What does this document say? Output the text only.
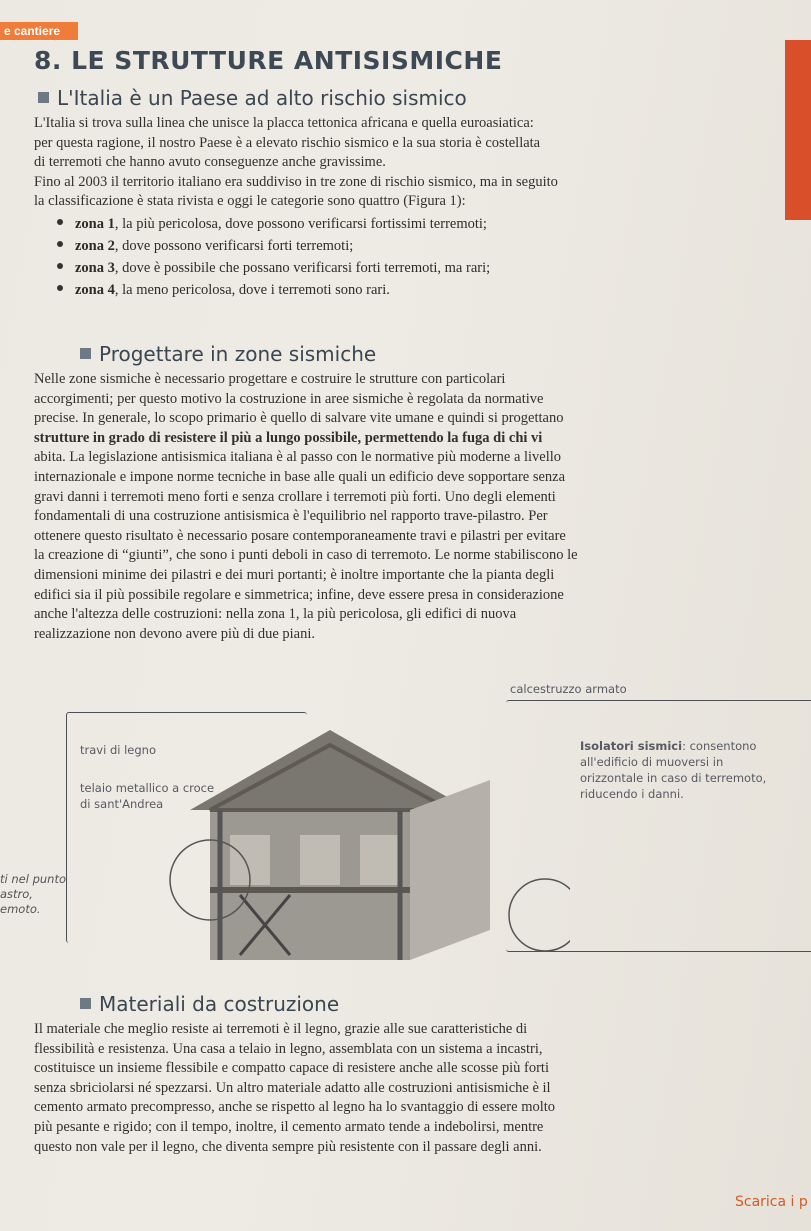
e cantiere
8. LE STRUTTURE ANTISISMICHE
L'Italia è un Paese ad alto rischio sismico
L'Italia si trova sulla linea che unisce la placca tettonica africana e quella euroasiatica:
per questa ragione, il nostro Paese è a elevato rischio sismico e la sua storia è costellata
di terremoti che hanno avuto conseguenze anche gravissime.
Fino al 2003 il territorio italiano era suddiviso in tre zone di rischio sismico, ma in seguito
la classificazione è stata rivista e oggi le categorie sono quattro (Figura 1):
zona 1, la più pericolosa, dove possono verificarsi fortissimi terremoti;
zona 2, dove possono verificarsi forti terremoti;
zona 3, dove è possibile che possano verificarsi forti terremoti, ma rari;
zona 4, la meno pericolosa, dove i terremoti sono rari.
Progettare in zone sismiche
Nelle zone sismiche è necessario progettare e costruire le strutture con particolari
accorgimenti; per questo motivo la costruzione in aree sismiche è regolata da normative
precise. In generale, lo scopo primario è quello di salvare vite umane e quindi si progettano
strutture in grado di resistere il più a lungo possibile, permettendo la fuga di chi vi
abita. La legislazione antisismica italiana è al passo con le normative più moderne a livello
internazionale e impone norme tecniche in base alle quali un edificio deve sopportare senza
gravi danni i terremoti meno forti e senza crollare i terremoti più forti. Uno degli elementi
fondamentali di una costruzione antisismica è l'equilibrio nel rapporto trave-pilastro. Per
ottenere questo risultato è necessario posare contemporaneamente travi e pilastri per evitare
la creazione di “giunti”, che sono i punti deboli in caso di terremoto. Le norme stabiliscono le
dimensioni minime dei pilastri e dei muri portanti; è inoltre importante che la pianta degli
edifici sia il più possibile regolare e simmetrica; infine, deve essere presa in considerazione
anche l'altezza delle costruzioni: nella zona 1, la più pericolosa, gli edifici di nuova
realizzazione non devono avere più di due piani.
calcestruzzo armato
travi di legno
telaio metallico a croce
di sant'Andrea
Isolatori sismici: consentono
all'edificio di muoversi in
orizzontale in caso di terremoto,
riducendo i danni.
ti nel punto
astro,
emoto.
Materiali da costruzione
Il materiale che meglio resiste ai terremoti è il legno, grazie alle sue caratteristiche di
flessibilità e resistenza. Una casa a telaio in legno, assemblata con un sistema a incastri,
costituisce un insieme flessibile e compatto capace di resistere anche alle scosse più forti
senza sbriciolarsi né spezzarsi. Un altro materiale adatto alle costruzioni antisismiche è il
cemento armato precompresso, anche se rispetto al legno ha lo svantaggio di essere molto
più pesante e rigido; con il tempo, inoltre, il cemento armato tende a indebolirsi, mentre
questo non vale per il legno, che diventa sempre più resistente con il passare degli anni.
Scarica i p
